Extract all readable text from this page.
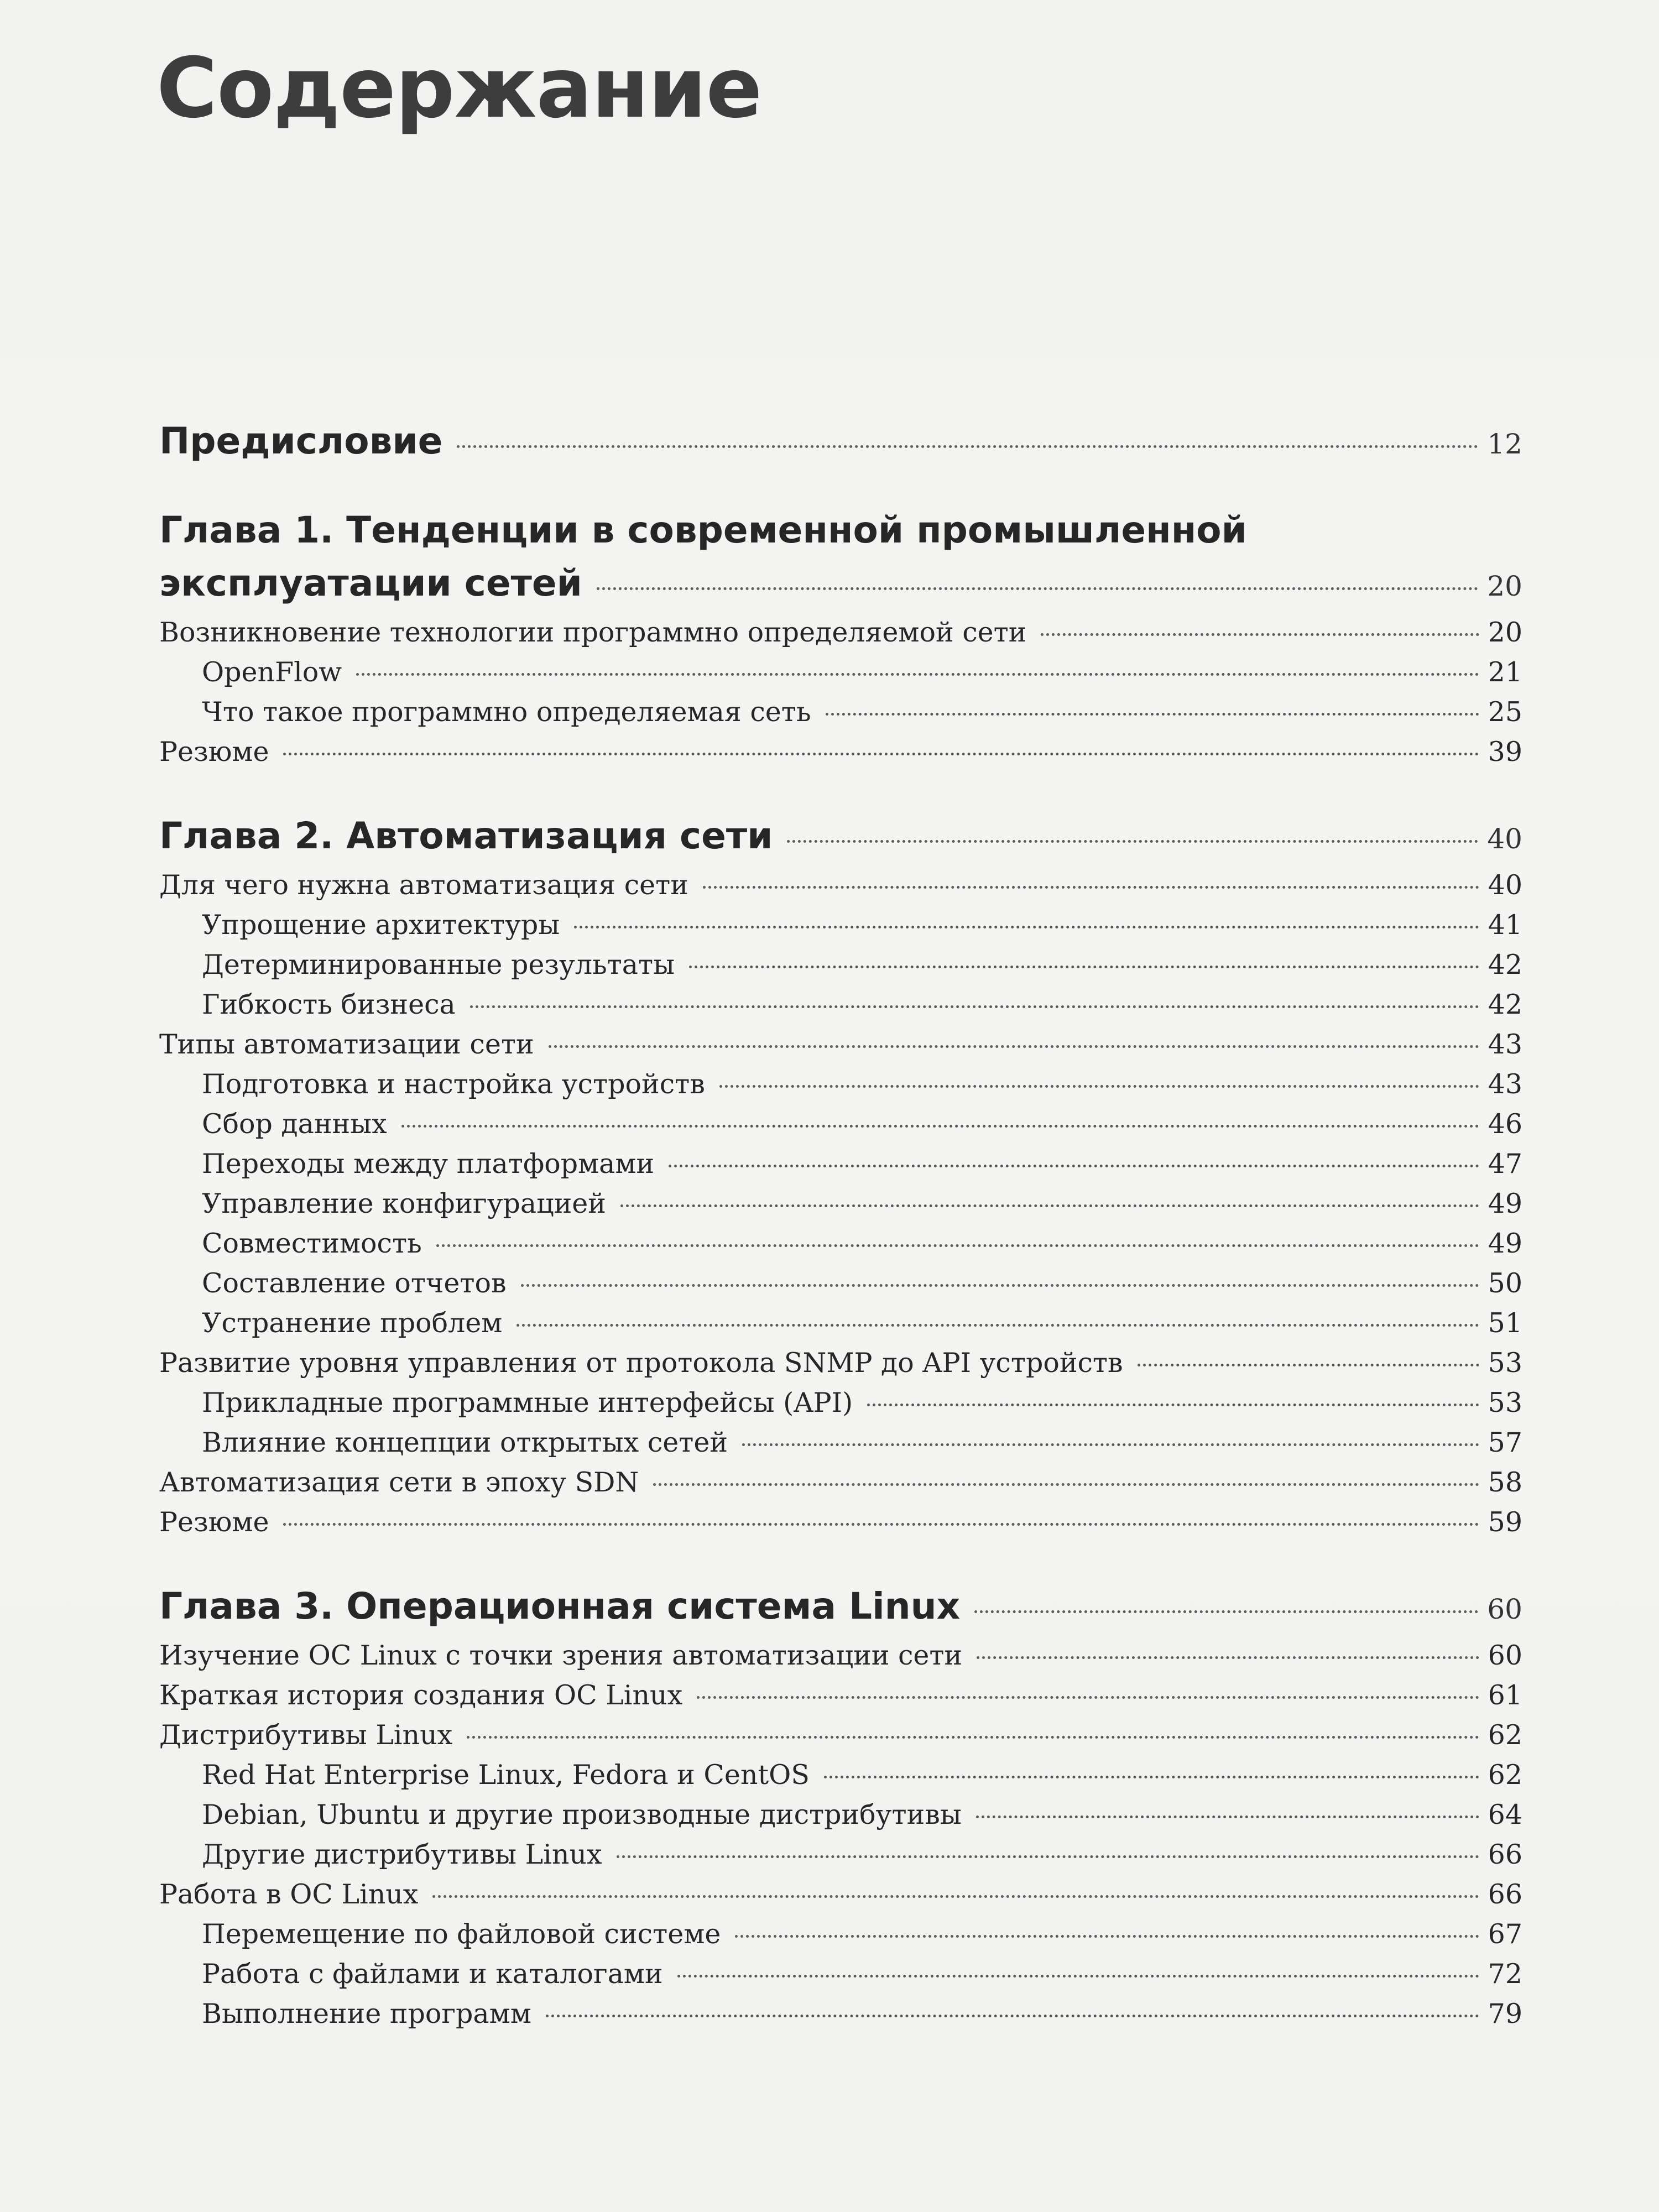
Содержание
Предисловие	12
Глава 1. Тенденции в современной промышленной
эксплуатации сетей	20
Возникновение технологии программно определяемой сети	20
OpenFlow	21
Что такое программно определяемая сеть	25
Резюме	39
Глава 2. Автоматизация сети	40
Для чего нужна автоматизация сети	40
Упрощение архитектуры	41
Детерминированные результаты	42
Гибкость бизнеса	42
Типы автоматизации сети	43
Подготовка и настройка устройств	43
Сбор данных	46
Переходы между платформами	47
Управление конфигурацией	49
Совместимость	49
Составление отчетов	50
Устранение проблем	51
Развитие уровня управления от протокола SNMP до API устройств	53
Прикладные программные интерфейсы (API)	53
Влияние концепции открытых сетей	57
Автоматизация сети в эпоху SDN	58
Резюме	59
Глава 3. Операционная система Linux	60
Изучение ОС Linux с точки зрения автоматизации сети	60
Краткая история создания ОС Linux	61
Дистрибутивы Linux	62
Red Hat Enterprise Linux, Fedora и CentOS	62
Debian, Ubuntu и другие производные дистрибутивы	64
Другие дистрибутивы Linux	66
Работа в ОС Linux	66
Перемещение по файловой системе	67
Работа с файлами и каталогами	72
Выполнение программ	79
